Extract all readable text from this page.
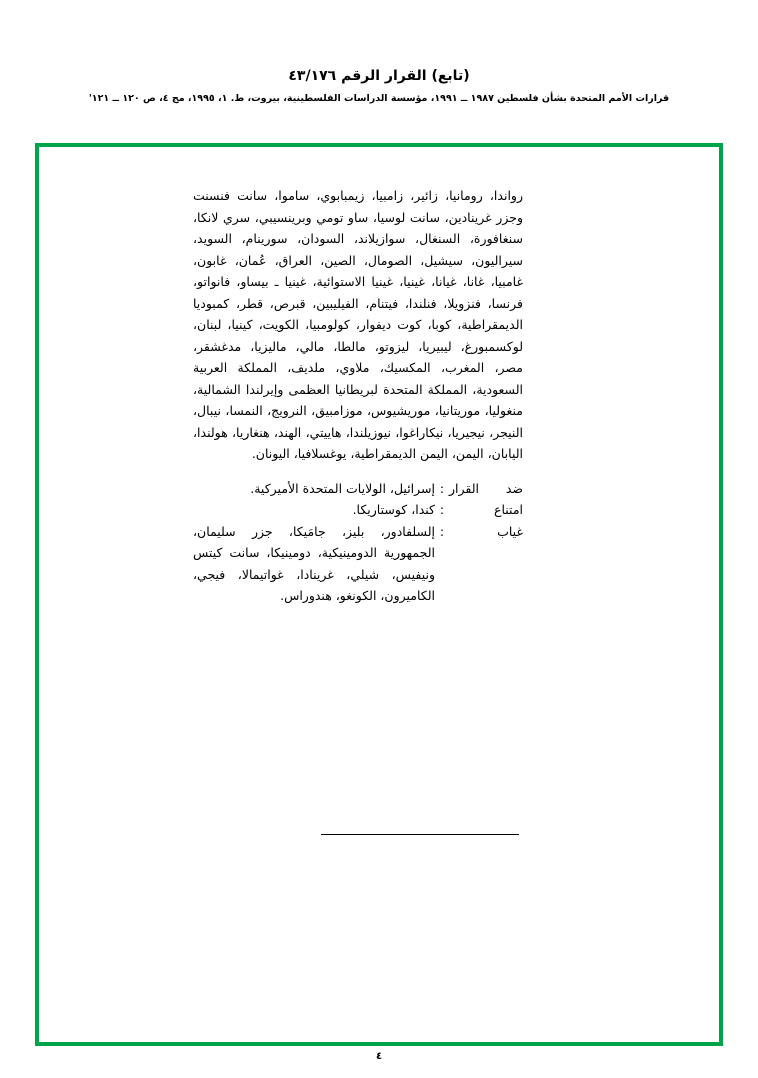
(تابع) القرار الرقم ٤٣/١٧٦
قرارات الأمم المتحدة بشأن فلسطين ١٩٨٧ ــ ١٩٩١، مؤسسة الدراسات الفلسطينية، بيروت، ط. ١، ١٩٩٥، مج ٤، ص ١٢٠ ــ ١٢١'
رواندا، رومانيا، زائير، زامبيا، زيمبابوي، ساموا، سانت فنسنت وجزر غرينادين، سانت لوسيا، ساو تومي وبرينسيبي، سري لانكا، سنغافورة، السنغال، سوازيلاند، السودان، سورينام، السويد، سيراليون، سيشيل، الصومال، الصين، العراق، عُمان، غابون، غامبيا، غانا، غيانا، غينيا، غينيا الاستوائية، غينيا ـ بيساو، فانواتو، فرنسا، فنزويلا، فنلندا، فيتنام، الفيليبين، قبرص، قطر، كمبوديا الديمقراطية، كوبا، كوت ديفوار، كولومبيا، الكويت، كينيا، لبنان، لوكسمبورغ، ليبيريا، ليزوتو، مالطا، مالي، ماليزيا، مدغشقر، مصر، المغرب، المكسيك، ملاوي، ملديف، المملكة العربية السعودية، المملكة المتحدة لبريطانيا العظمى وإيرلندا الشمالية، منغوليا، موريتانيا، موريشيوس، موزامبيق، النرويج، النمسا، نيبال، النيجر، نيجيريا، نيكاراغوا، نيوزيلندا، هاييتي، الهند، هنغاريا، هولندا، اليابان، اليمن، اليمن الديمقراطية، يوغسلافيا، اليونان.
ضد القرار
:
إسرائيل، الولايات المتحدة الأميركية.
امتناع
:
كندا، كوستاريكا.
غياب
:
إلسلفادور، بليز، جامَيكا، جزر سليمان، الجمهورية الدومينيكية، دومينيكا، سانت كيتس ونيفيس، شيلي، غرينادا، غواتيمالا، فيجي، الكاميرون، الكونغو، هندوراس.
٤
